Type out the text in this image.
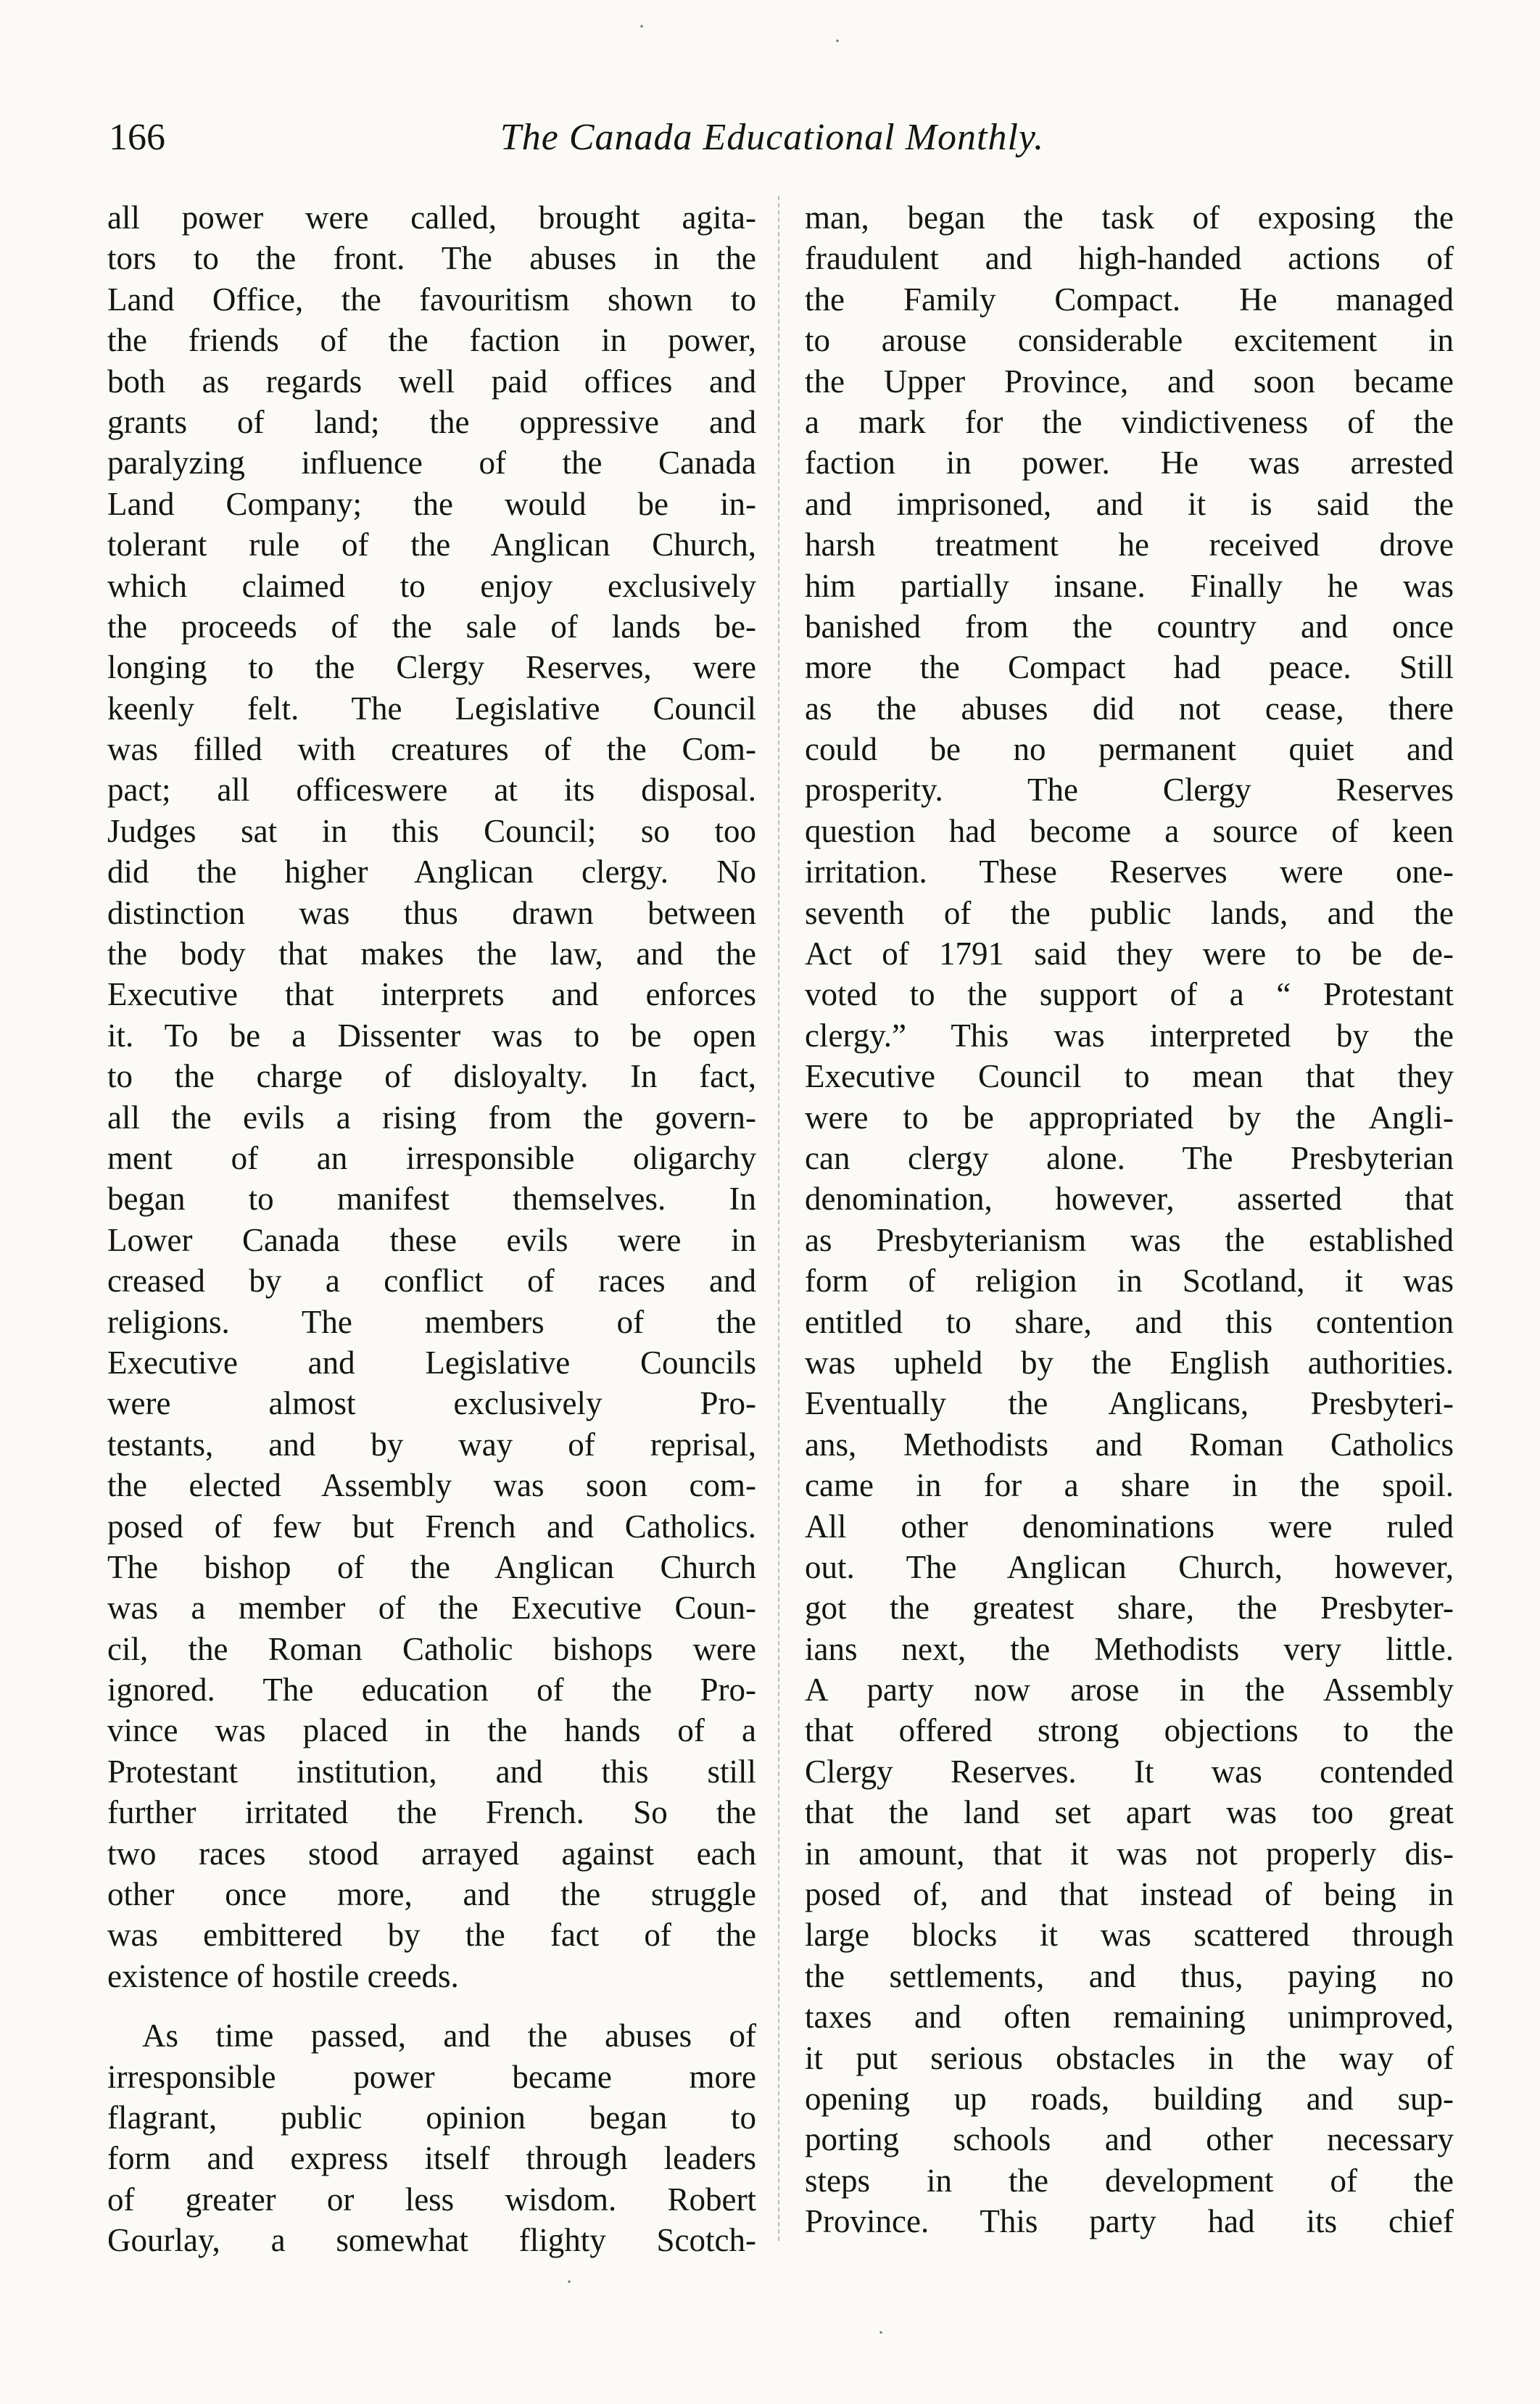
166	The Canada Educational Monthly.
all power were called, brought agita-
tors to the front. The abuses in the
Land Office, the favouritism shown to
the friends of the faction in power,
both as regards well paid offices and
grants of land; the oppressive and
paralyzing influence of the Canada
Land Company; the would be in-
tolerant rule of the Anglican Church,
which claimed to enjoy exclusively
the proceeds of the sale of lands be-
longing to the Clergy Reserves, were
keenly felt. The Legislative Council
was filled with creatures of the Com-
pact; all officeswere at its disposal.
Judges sat in this Council; so too
did the higher Anglican clergy. No
distinction was thus drawn between
the body that makes the law, and the
Executive that interprets and enforces
it. To be a Dissenter was to be open
to the charge of disloyalty. In fact,
all the evils a rising from the govern-
ment of an irresponsible oligarchy
began to manifest themselves. In
Lower Canada these evils were in
creased by a conflict of races and
religions. The members of the
Executive and Legislative Councils
were almost exclusively Pro-
testants, and by way of reprisal,
the elected Assembly was soon com-
posed of few but French and Catholics.
The bishop of the Anglican Church
was a member of the Executive Coun-
cil, the Roman Catholic bishops were
ignored. The education of the Pro-
vince was placed in the hands of a
Protestant institution, and this still
further irritated the French. So the
two races stood arrayed against each
other once more, and the struggle
was embittered by the fact of the
existence of hostile creeds.
As time passed, and the abuses of
irresponsible power became more
flagrant, public opinion began to
form and express itself through leaders
of greater or less wisdom. Robert
Gourlay, a somewhat flighty Scotch-
man, began the task of exposing the
fraudulent and high-handed actions of
the Family Compact. He managed
to arouse considerable excitement in
the Upper Province, and soon became
a mark for the vindictiveness of the
faction in power. He was arrested
and imprisoned, and it is said the
harsh treatment he received drove
him partially insane. Finally he was
banished from the country and once
more the Compact had peace. Still
as the abuses did not cease, there
could be no permanent quiet and
prosperity. The Clergy Reserves
question had become a source of keen
irritation. These Reserves were one-
seventh of the public lands, and the
Act of 1791 said they were to be de-
voted to the support of a “ Protestant
clergy.” This was interpreted by the
Executive Council to mean that they
were to be appropriated by the Angli-
can clergy alone. The Presbyterian
denomination, however, asserted that
as Presbyterianism was the established
form of religion in Scotland, it was
entitled to share, and this contention
was upheld by the English authorities.
Eventually the Anglicans, Presbyteri-
ans, Methodists and Roman Catholics
came in for a share in the spoil.
All other denominations were ruled
out. The Anglican Church, however,
got the greatest share, the Presbyter-
ians next, the Methodists very little.
A party now arose in the Assembly
that offered strong objections to the
Clergy Reserves. It was contended
that the land set apart was too great
in amount, that it was not properly dis-
posed of, and that instead of being in
large blocks it was scattered through
the settlements, and thus, paying no
taxes and often remaining unimproved,
it put serious obstacles in the way of
opening up roads, building and sup-
porting schools and other necessary
steps in the development of the
Province. This party had its chief
·
·
·
·
